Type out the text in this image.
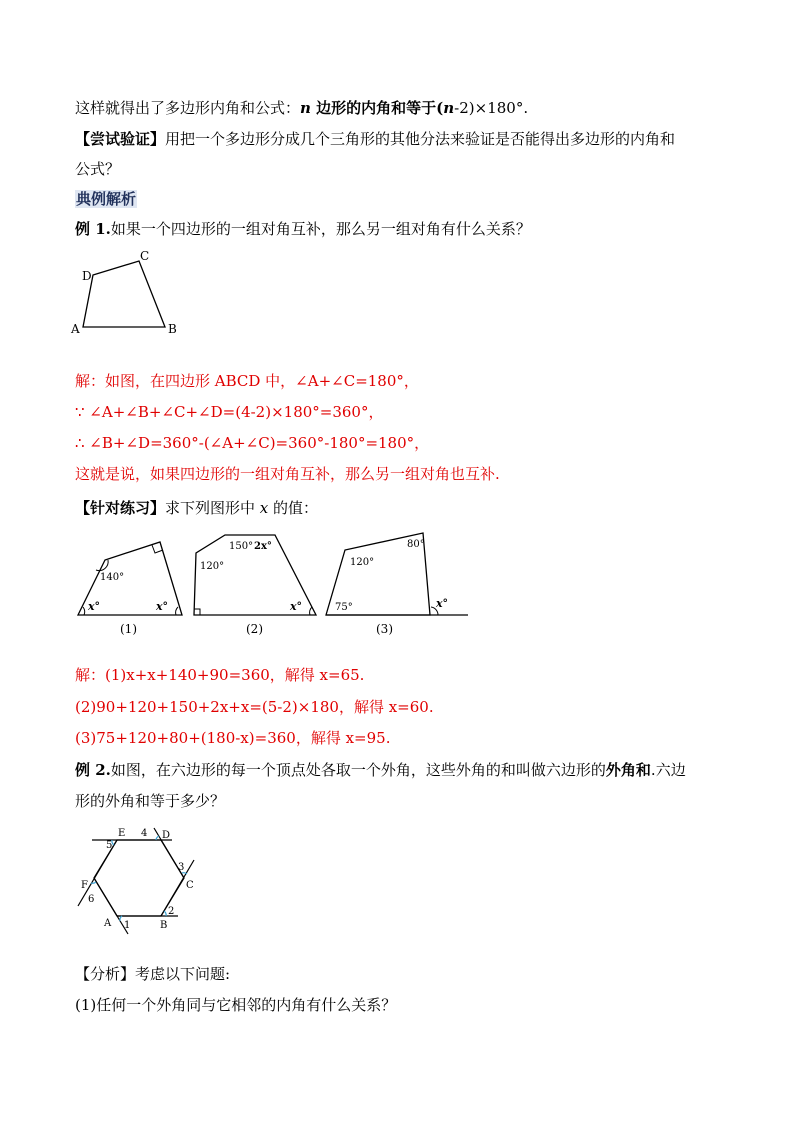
这样就得出了多边形内角和公式：n 边形的内角和等于(n-2)×180°.
【尝试验证】用把一个多边形分成几个三角形的其他分法来验证是否能得出多边形的内角和
公式？
典例解析
例 1.如果一个四边形的一组对角互补，那么另一组对角有什么关系？
A	B
C
D
解：如图，在四边形 ABCD 中，∠A+∠C=180°，
∵ ∠A+∠B+∠C+∠D=(4-2)×180°=360°，
∴ ∠B+∠D=360°-(∠A+∠C)=360°-180°=180°，
这就是说，如果四边形的一组对角互补，那么另一组对角也互补.
【针对练习】求下列图形中 x 的值：
140°
x°	x°
(1)
150° 2x°
120°
x°
(2)
80°
120°
75°	x°
(3)
解：(1)x+x+140+90=360，解得 x=65.
(2)90+120+150+2x+x=(5-2)×180，解得 x=60.
(3)75+120+80+(180-x)=360，解得 x=95.
例 2.如图，在六边形的每一个顶点处各取一个外角，这些外角的和叫做六边形的外角和.六边
形的外角和等于多少？
A	B
C
D
E
F
1
2
3
4
5
6
【分析】考虑以下问题:
(1)任何一个外角同与它相邻的内角有什么关系？
